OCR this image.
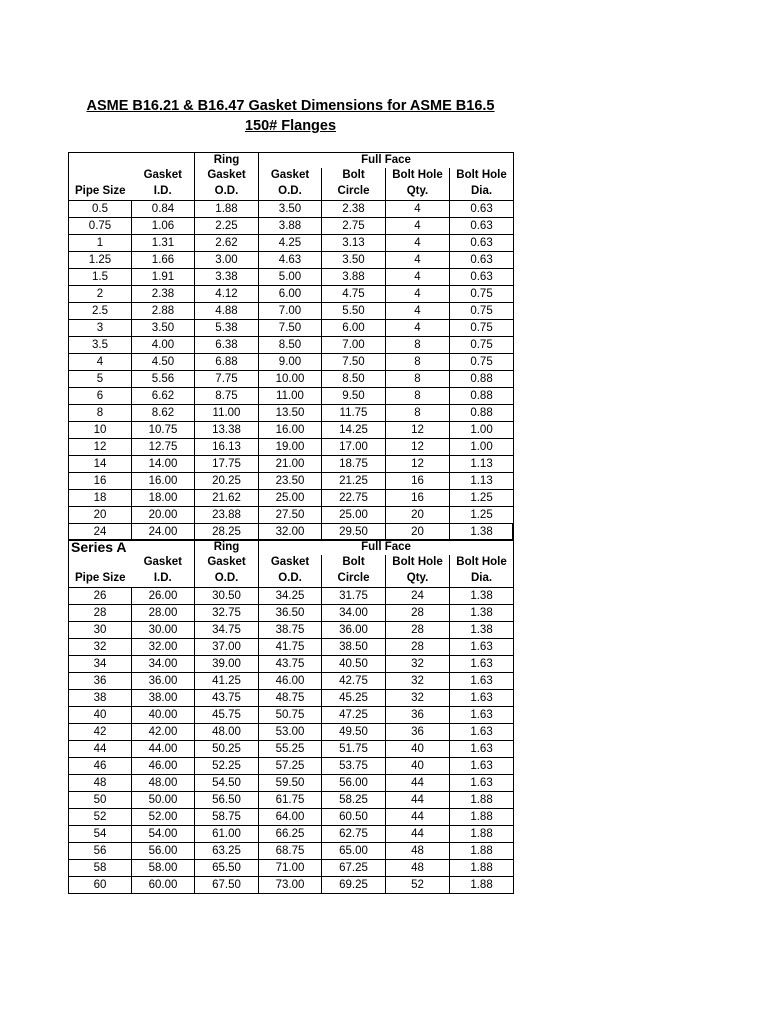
ASME B16.21 & B16.47 Gasket Dimensions for ASME B16.5
150# Flanges
		Ring	Full Face			
	Gasket	Gasket	Gasket	Bolt	Bolt Hole	Bolt Hole
Pipe Size	I.D.	O.D.	O.D.	Circle	Qty.	Dia.
0.5	0.84	1.88	3.50	2.38	4	0.63
0.75	1.06	2.25	3.88	2.75	4	0.63
1	1.31	2.62	4.25	3.13	4	0.63
1.25	1.66	3.00	4.63	3.50	4	0.63
1.5	1.91	3.38	5.00	3.88	4	0.63
2	2.38	4.12	6.00	4.75	4	0.75
2.5	2.88	4.88	7.00	5.50	4	0.75
3	3.50	5.38	7.50	6.00	4	0.75
3.5	4.00	6.38	8.50	7.00	8	0.75
4	4.50	6.88	9.00	7.50	8	0.75
5	5.56	7.75	10.00	8.50	8	0.88
6	6.62	8.75	11.00	9.50	8	0.88
8	8.62	11.00	13.50	11.75	8	0.88
10	10.75	13.38	16.00	14.25	12	1.00
12	12.75	16.13	19.00	17.00	12	1.00
14	14.00	17.75	21.00	18.75	12	1.13
16	16.00	20.25	23.50	21.25	16	1.13
18	18.00	21.62	25.00	22.75	16	1.25
20	20.00	23.88	27.50	25.00	20	1.25
24	24.00	28.25	32.00	29.50	20	1.38
Series A		Ring	Full Face			
	Gasket	Gasket	Gasket	Bolt	Bolt Hole	Bolt Hole
Pipe Size	I.D.	O.D.	O.D.	Circle	Qty.	Dia.
26	26.00	30.50	34.25	31.75	24	1.38
28	28.00	32.75	36.50	34.00	28	1.38
30	30.00	34.75	38.75	36.00	28	1.38
32	32.00	37.00	41.75	38.50	28	1.63
34	34.00	39.00	43.75	40.50	32	1.63
36	36.00	41.25	46.00	42.75	32	1.63
38	38.00	43.75	48.75	45.25	32	1.63
40	40.00	45.75	50.75	47.25	36	1.63
42	42.00	48.00	53.00	49.50	36	1.63
44	44.00	50.25	55.25	51.75	40	1.63
46	46.00	52.25	57.25	53.75	40	1.63
48	48.00	54.50	59.50	56.00	44	1.63
50	50.00	56.50	61.75	58.25	44	1.88
52	52.00	58.75	64.00	60.50	44	1.88
54	54.00	61.00	66.25	62.75	44	1.88
56	56.00	63.25	68.75	65.00	48	1.88
58	58.00	65.50	71.00	67.25	48	1.88
60	60.00	67.50	73.00	69.25	52	1.88
